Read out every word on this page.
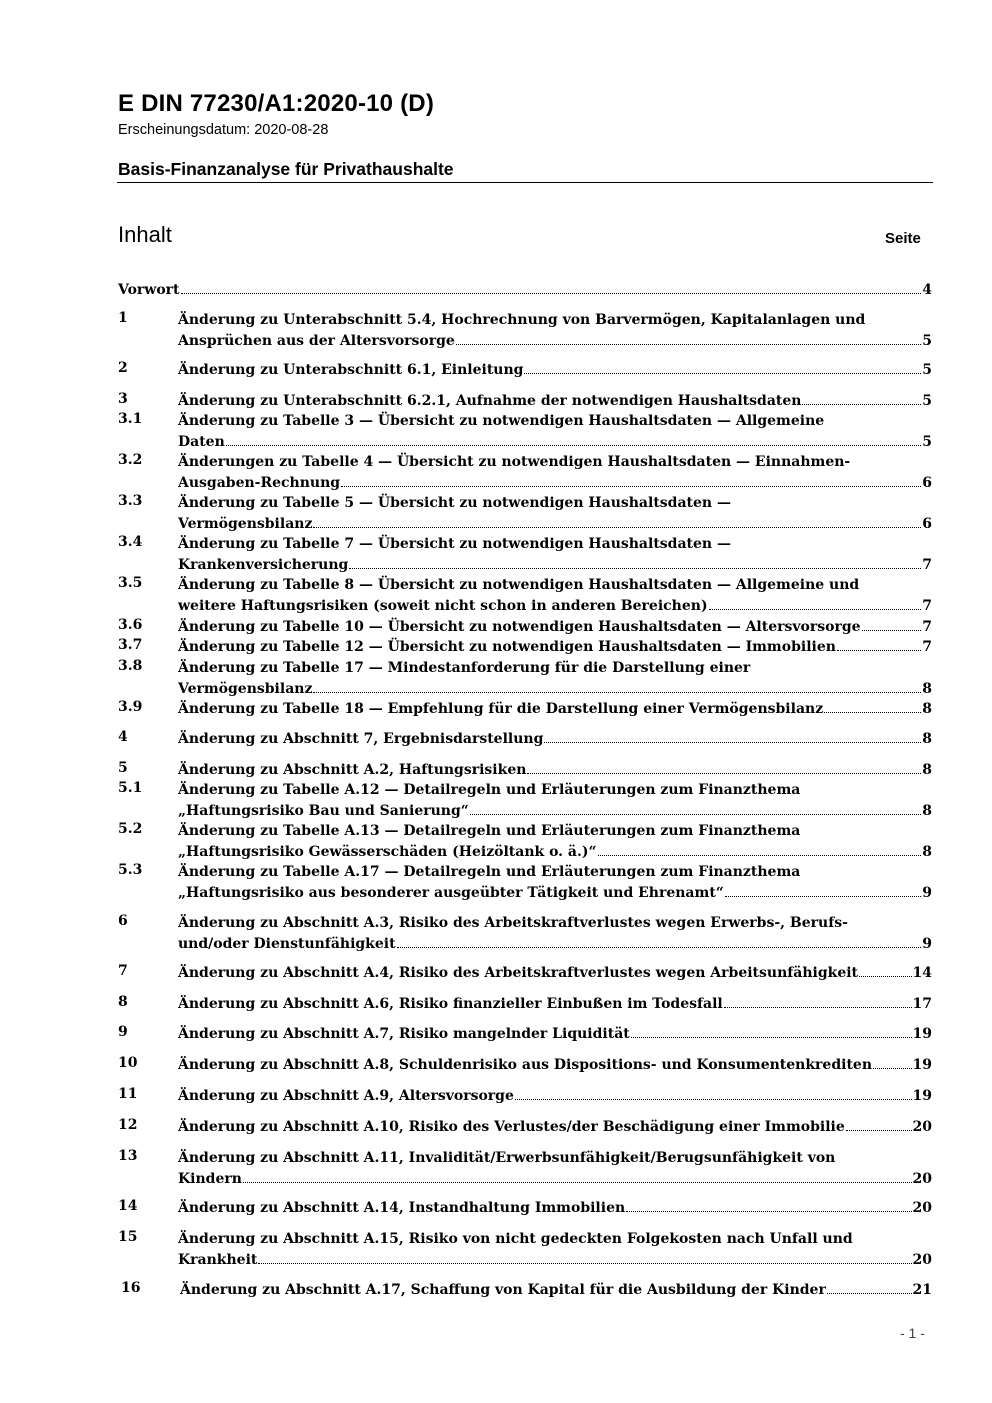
E DIN 77230/A1:2020-10 (D)
Erscheinungsdatum: 2020-08-28
Basis-Finanzanalyse für Privathaushalte
Inhalt	Seite
Vorwort	4
1	Änderung zu Unterabschnitt 5.4, Hochrechnung von Barvermögen, Kapitalanlagen und
Ansprüchen aus der Altersvorsorge	5
2	Änderung zu Unterabschnitt 6.1, Einleitung	5
3	Änderung zu Unterabschnitt 6.2.1, Aufnahme der notwendigen Haushaltsdaten	5
3.1	Änderung zu Tabelle 3 — Übersicht zu notwendigen Haushaltsdaten — Allgemeine
Daten	5
3.2	Änderungen zu Tabelle 4 — Übersicht zu notwendigen Haushaltsdaten — Einnahmen-
Ausgaben-Rechnung	6
3.3	Änderung zu Tabelle 5 — Übersicht zu notwendigen Haushaltsdaten —
Vermögensbilanz	6
3.4	Änderung zu Tabelle 7 — Übersicht zu notwendigen Haushaltsdaten —
Krankenversicherung	7
3.5	Änderung zu Tabelle 8 — Übersicht zu notwendigen Haushaltsdaten — Allgemeine und
weitere Haftungsrisiken (soweit nicht schon in anderen Bereichen)	7
3.6	Änderung zu Tabelle 10 — Übersicht zu notwendigen Haushaltsdaten — Altersvorsorge	7
3.7	Änderung zu Tabelle 12 — Übersicht zu notwendigen Haushaltsdaten — Immobilien	7
3.8	Änderung zu Tabelle 17 — Mindestanforderung für die Darstellung einer
Vermögensbilanz	8
3.9	Änderung zu Tabelle 18 — Empfehlung für die Darstellung einer Vermögensbilanz	8
4	Änderung zu Abschnitt 7, Ergebnisdarstellung	8
5	Änderung zu Abschnitt A.2, Haftungsrisiken	8
5.1	Änderung zu Tabelle A.12 — Detailregeln und Erläuterungen zum Finanzthema
„Haftungsrisiko Bau und Sanierung“	8
5.2	Änderung zu Tabelle A.13 — Detailregeln und Erläuterungen zum Finanzthema
„Haftungsrisiko Gewässerschäden (Heizöltank o. ä.)“	8
5.3	Änderung zu Tabelle A.17 — Detailregeln und Erläuterungen zum Finanzthema
„Haftungsrisiko aus besonderer ausgeübter Tätigkeit und Ehrenamt“	9
6	Änderung zu Abschnitt A.3, Risiko des Arbeitskraftverlustes wegen Erwerbs-, Berufs-
und/oder Dienstunfähigkeit	9
7	Änderung zu Abschnitt A.4, Risiko des Arbeitskraftverlustes wegen Arbeitsunfähigkeit	14
8	Änderung zu Abschnitt A.6, Risiko finanzieller Einbußen im Todesfall	17
9	Änderung zu Abschnitt A.7, Risiko mangelnder Liquidität	19
10	Änderung zu Abschnitt A.8, Schuldenrisiko aus Dispositions- und Konsumentenkrediten	19
11	Änderung zu Abschnitt A.9, Altersvorsorge	19
12	Änderung zu Abschnitt A.10, Risiko des Verlustes/der Beschädigung einer Immobilie	20
13	Änderung zu Abschnitt A.11, Invalidität/Erwerbsunfähigkeit/Berugsunfähigkeit von
Kindern	20
14	Änderung zu Abschnitt A.14, Instandhaltung Immobilien	20
15	Änderung zu Abschnitt A.15, Risiko von nicht gedeckten Folgekosten nach Unfall und
Krankheit	20
16	Änderung zu Abschnitt A.17, Schaffung von Kapital für die Ausbildung der Kinder	21
- 1 -
